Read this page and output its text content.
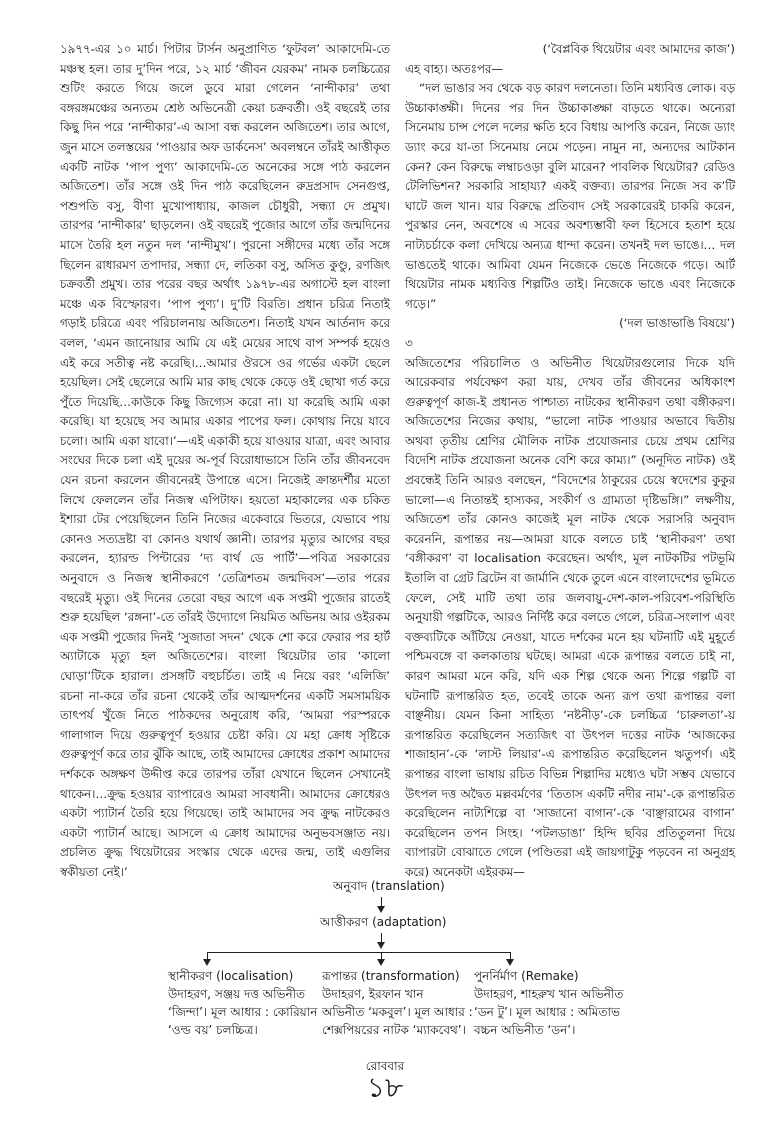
১৯৭৭-এর ১০ মার্চ। পিটার টার্সন অনুপ্রাণিত ‘ফুটবল’ আকাদেমি-তে মঞ্চস্থ হল। তার দু’দিন পরে, ১২ মার্চ ‘জীবন যেরকম’ নামক চলচ্চিত্রের শুটিং করতে গিয়ে জলে ডুবে মারা গেলেন ‘নান্দীকার’ তথা বঙ্গরঙ্গমঞ্চের অন্যতম শ্রেষ্ঠ অভিনেত্রী কেয়া চক্রবর্তী। ওই বছরেই তার কিছু দিন পরে ‘নান্দীকার’-এ আসা বন্ধ করলেন অজিতেশ। তার আগে, জুন মাসে তলস্তয়ের ‘পাওয়ার অফ ডার্কনেস’ অবলম্বনে তাঁরই আত্তীকৃত একটি নাটক ‘পাপ পুণ্য’ আকাদেমি-তে অনেকের সঙ্গে পাঠ করলেন অজিতেশ। তাঁর সঙ্গে ওই দিন পাঠ করেছিলেন রুদ্রপ্রসাদ সেনগুপ্ত, পশুপতি বসু, বীণা মুখোপাধ্যায়, কাজল চৌধুরী, সন্ধ্যা দে প্রমুখ। তারপর ‘নান্দীকার’ ছাড়লেন। ওই বছরেই পুজোর আগে তাঁর জন্মদিনের মাসে তৈরি হল নতুন দল ‘নান্দীমুখ’। পুরনো সঙ্গীদের মধ্যে তাঁর সঙ্গে ছিলেন রাধারমণ তপাদার, সন্ধ্যা দে, লতিকা বসু, অসিত কুণ্ডু, রণজিৎ চক্রবর্তী প্রমুখ। তার পরের বছর অর্থাৎ ১৯৭৮-এর অগাস্টে হল বাংলা মঞ্চে এক বিস্ফোরণ। ‘পাপ পুণ্য’। দু’টি বিরতি। প্রধান চরিত্র নিতাই গড়াই চরিত্রে এবং পরিচালনায় অজিতেশ। নিতাই যখন আর্তনাদ করে বলল, ‘এমন জানোয়ার আমি যে এই মেয়ের সাথে বাপ সম্পর্ক হয়েও এই করে সতীত্ব নষ্ট করেছি।…আমার ঔরসে ওর গর্ভের একটা ছেলে হয়েছিল। সেই ছেলেরে আমি মার কাছ থেকে কেড়ে ওই ছোখা গর্ত করে পুঁতে দিয়েছি…কাউকে কিছু জিগ্যেস করো না। যা করেছি আমি একা করেছি। যা হয়েছে সব আমার একার পাপের ফল। কোথায় নিয়ে যাবে চলো। আমি একা যাবো।’—এই একাকী হয়ে যাওয়ার যাত্রা, এবং আবার সংঘের দিকে চলা এই দুয়ের অ-পূর্ব বিরোধাভাসে তিনি তাঁর জীবনবেদ যেন রচনা করলেন জীবনেরই উপান্তে এসে। নিজেই ক্রান্তদর্শীর মতো লিখে ফেললেন তাঁর নিজস্ব এপিটাফ। হয়তো মহাকালের এক চকিত ইশারা টের পেয়েছিলেন তিনি নিজের একেবারে ভিতরে, যেভাবে পায় কোনও সত্যদ্রষ্টা বা কোনও যথার্থ জ্ঞানী। তারপর মৃত্যুর আগের বছর করলেন, হ্যারল্ড পিন্টারের ‘দ্য বার্থ ডে পার্টি’—পবিত্র সরকারের অনুবাদে ও নিজস্ব স্থানীকরণে ‘তেত্রিশতম জন্মদিবস’—তার পরের বছরেই মৃত্যু। ওই দিনের তেরো বছর আগে এক সপ্তমী পুজোর রাতেই শুরু হয়েছিল ‘রঙ্গনা’-তে তাঁরই উদ্যোগে নিয়মিত অভিনয় আর ওইরকম এক সপ্তমী পুজোর দিনই ‘সুজাতা সদন’ থেকে শো করে ফেরার পর হার্ট অ্যাটাকে মৃত্যু হল অজিতেশের। বাংলা থিয়েটার তার ‘কালো ঘোড়া’টিকে হারাল। প্রসঙ্গটি বহুচর্চিত। তাই এ নিয়ে বরং ‘এলিজি’ রচনা না-করে তাঁর রচনা থেকেই তাঁর আত্মদর্শনের একটি সমসাময়িক তাৎপর্য খুঁজে নিতে পাঠকদের অনুরোধ করি, ‘আমরা পরস্পরকে গালাগাল দিয়ে গুরুত্বপূর্ণ হওয়ার চেষ্টা করি। যে মহা ক্রোধ সৃষ্টিকে গুরুত্বপূর্ণ করে তার ঝুঁকি আছে, তাই আমাদের ক্রোধের প্রকাশ আমাদের দর্শককে অঙ্গক্ষণ উদ্দীপ্ত করে তারপর তাঁরা যেখানে ছিলেন সেখানেই থাকেন।…ক্রুদ্ধ হওয়ার ব্যাপারেও আমরা সাবধানী। আমাদের ক্রোধেরও একটা প্যাটার্ন তৈরি হয়ে গিয়েছে। তাই আমাদের সব ক্রুদ্ধ নাটকেরও একটা প্যাটার্ন আছে। আসলে এ ক্রোধ আমাদের অনুভবসঞ্জাত নয়। প্রচলিত ক্রুদ্ধ থিয়েটারের সংস্কার থেকে এদের জন্ম, তাই এগুলির স্বকীয়তা নেই।’

(‘বৈপ্লবিক থিয়েটার এবং আমাদের কাজ’)

এহ বাহ্য। অতঃপর—

“দল ভাঙার সব থেকে বড় কারণ দলনেতা। তিনি মধ্যবিত্ত লোক। বড় উচ্চাকাঙ্ক্ষী। দিনের পর দিন উচ্চাকাঙ্ক্ষা বাড়তে থাকে। অন্যেরা সিনেমায় চান্স পেলে দলের ক্ষতি হবে বিধায় আপত্তি করেন, নিজে ড্যাং ড্যাং করে যা-তা সিনেমায় নেমে পড়েন। নামুন না, অন্যদের আটকান কেন? কেন বিরুদ্ধে লম্বাচওড়া বুলি মারেন? পাবলিক থিয়েটার? রেডিও টেলিভিশন? সরকারি সাহায্য? একই বক্তব্য। তারপর নিজে সব ক’টি ঘাটে জল খান। যার বিরুদ্ধে প্রতিবাদ সেই সরকারেরই চাকরি করেন, পুরস্কার নেন, অবশেষে এ সবের অবশ্যম্ভাবী ফল হিসেবে হতাশ হয়ে নাট্যচর্চাকে কলা দেখিয়ে অন্যত্র ধান্দা করেন। তখনই দল ভাঙে।… দল ভাঙতেই থাকে। আমিবা যেমন নিজেকে ভেঙে নিজেকে গড়ে। আর্ট থিয়েটার নামক মধ্যবিত্ত শিল্পটিও তাই। নিজেকে ভাঙে এবং নিজেকে গড়ে।”

(‘দল ভাঙাভাঙি বিষয়ে’)

৩

অজিতেশের পরিচালিত ও অভিনীত থিয়েটারগুলোর দিকে যদি আরেকবার পর্যবেক্ষণ করা যায়, দেখব তাঁর জীবনের অধিকাংশ গুরুত্বপূর্ণ কাজ-ই প্রধানত পাশ্চাত্য নাটকের স্থানীকরণ তথা বঙ্গীকরণ। অজিতেশের নিজের কথায়, “ভালো নাটক পাওয়ার অভাবে দ্বিতীয় অথবা তৃতীয় শ্রেণির মৌলিক নাটক প্রযোজনার চেয়ে প্রথম শ্রেণির বিদেশি নাটক প্রযোজনা অনেক বেশি করে কাম্য।” (অনূদিত নাটক) ওই প্রবন্ধেই তিনি আরও বলছেন, “বিদেশের ঠাকুরের চেয়ে স্বদেশের কুকুর ভালো—এ নিতান্তই হাস্যকর, সংকীর্ণ ও গ্রাম্যতা দৃষ্টিভঙ্গি।” লক্ষণীয়, অজিতেশ তাঁর কোনও কাজেই মূল নাটক থেকে সরাসরি অনুবাদ করেননি, রূপান্তর নয়—আমরা যাকে বলতে চাই ‘স্থানীকরণ’ তথা ‘বঙ্গীকরণ’ বা localisation করেছেন। অর্থাৎ, মূল নাটকটির পটভূমি ইতালি বা গ্রেট ব্রিটেন বা জার্মানি থেকে তুলে এনে বাংলাদেশের ভূমিতে ফেলে, সেই মাটি তথা তার জলবায়ু-দেশ-কাল-পরিবেশ-পরিস্থিতি অনুযায়ী গল্পটিকে, আরও নির্দিষ্ট করে বলতে গেলে, চরিত্র-সংলাপ এবং বক্তব্যটিকে আঁটিয়ে নেওয়া, যাতে দর্শকের মনে হয় ঘটনাটি এই মুহূর্তে পশ্চিমবঙ্গে বা কলকাতায় ঘটছে। আমরা একে রূপান্তর বলতে চাই না, কারণ আমরা মনে করি, যদি এক শিল্প থেকে অন্য শিল্পে গল্পটি বা ঘটনাটি রূপান্তরিত হত, তবেই তাকে অন্য রূপ তথা রূপান্তর বলা বাঞ্ছনীয়। যেমন কিনা সাহিত্য ‘নষ্টনীড়’-কে চলচ্চিত্র ‘চারুলতা’-য় রূপান্তরিত করেছিলেন সত্যজিৎ বা উৎপল দত্তের নাটক ‘আজকের শাজাহান’-কে ‘লাস্ট লিয়ার’-এ রূপান্তরিত করেছিলেন ঋতুপর্ণ। এই রূপান্তর বাংলা ভাষায় রচিত বিভিন্ন শিল্পাদির মধ্যেও ঘটা সম্ভব যেভাবে উৎপল দত্ত অদ্বৈত মল্লবর্মণের ‘তিতাস একটি নদীর নাম’-কে রূপান্তরিত করেছিলেন নাট্যশিল্পে বা ‘সাজানো বাগান’-কে ‘বাঞ্ছারামের বাগান’ করেছিলেন তপন সিংহ। ‘পটলডাঙা’ হিন্দি ছবির প্রতিতুলনা দিয়ে ব্যাপারটা বোঝাতে গেলে (পণ্ডিতরা এই জায়গাটুকু পড়বেন না অনুগ্রহ করে) অনেকটা এইরকম—

অনুবাদ (translation)
আত্তীকরণ (adaptation)
স্থানীকরণ (localisation)
উদাহরণ, সঞ্জয় দত্ত অভিনীত
‘জিন্দা’। মূল আধার : কোরিয়ান
‘ওল্ড বয়’ চলচ্চিত্র।
রূপান্তর (transformation)
উদাহরণ, ইরফান খান
অভিনীত ‘মকবুল’। মূল আধার :
শেক্সপিয়রের নাটক ‘ম্যাকবেথ’।
পুনর্নির্মাণ (Remake)
উদাহরণ, শাহরুখ খান অভিনীত
‘ডন টু’। মূল আধার : অমিতাভ
বচ্চন অভিনীত ‘ডন’।
রোববার
১৮
